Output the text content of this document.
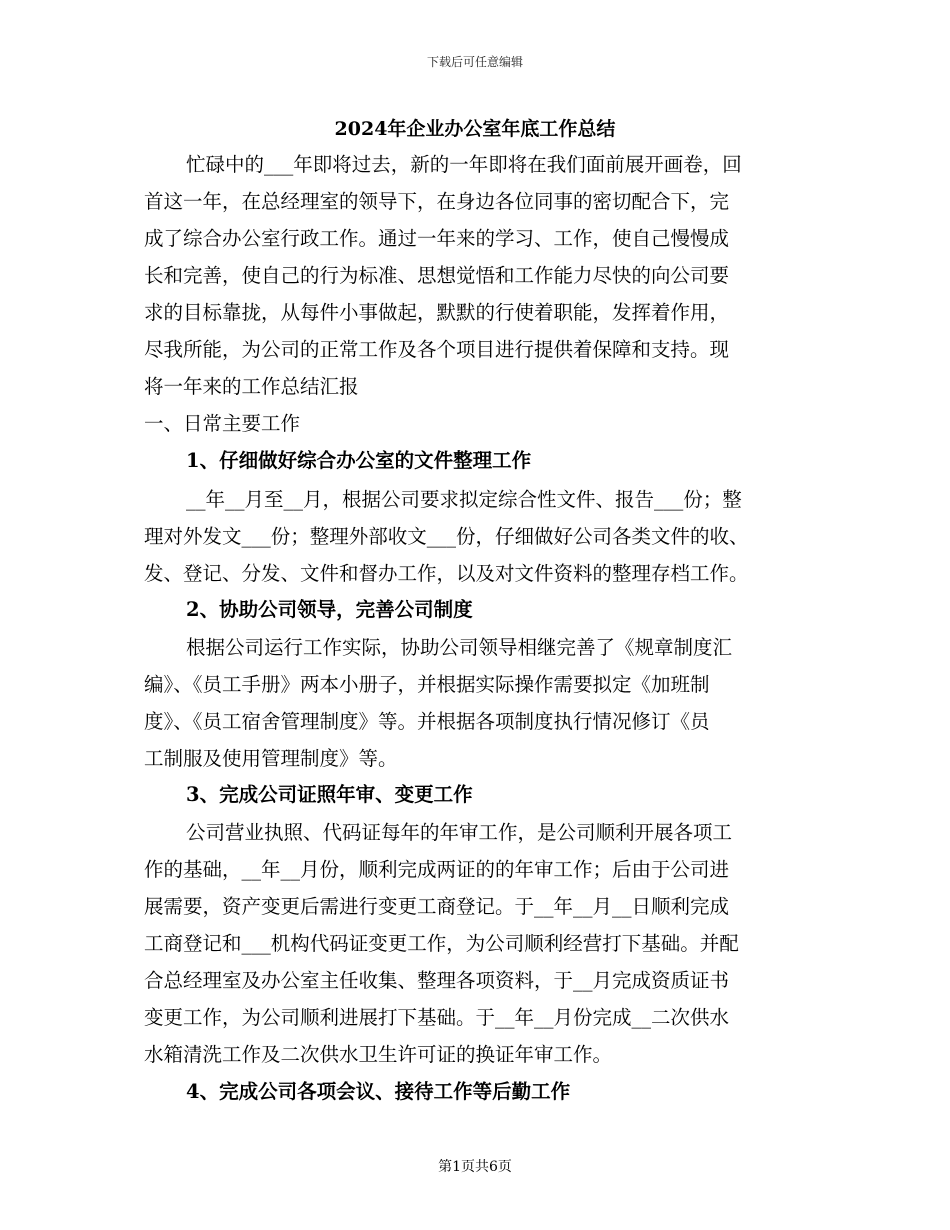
下载后可任意编辑
2024年企业办公室年底工作总结
忙碌中的___年即将过去，新的一年即将在我们面前展开画卷，回
首这一年，在总经理室的领导下，在身边各位同事的密切配合下，完
成了综合办公室行政工作。通过一年来的学习、工作，使自己慢慢成
长和完善，使自己的行为标准、思想觉悟和工作能力尽快的向公司要
求的目标靠拢，从每件小事做起，默默的行使着职能，发挥着作用，
尽我所能，为公司的正常工作及各个项目进行提供着保障和支持。现
将一年来的工作总结汇报
一、日常主要工作
1、仔细做好综合办公室的文件整理工作
__年__月至__月，根据公司要求拟定综合性文件、报告___份；整
理对外发文___份；整理外部收文___份，仔细做好公司各类文件的收、
发、登记、分发、文件和督办工作，以及对文件资料的整理存档工作。
2、协助公司领导，完善公司制度
根据公司运行工作实际，协助公司领导相继完善了《规章制度汇
编》、《员工手册》两本小册子，并根据实际操作需要拟定《加班制
度》、《员工宿舍管理制度》等。并根据各项制度执行情况修订《员
工制服及使用管理制度》等。
3、完成公司证照年审、变更工作
公司营业执照、代码证每年的年审工作，是公司顺利开展各项工
作的基础，__年__月份，顺利完成两证的的年审工作；后由于公司进
展需要，资产变更后需进行变更工商登记。于__年__月__日顺利完成
工商登记和___机构代码证变更工作，为公司顺利经营打下基础。并配
合总经理室及办公室主任收集、整理各项资料，于__月完成资质证书
变更工作，为公司顺利进展打下基础。于__年__月份完成__二次供水
水箱清洗工作及二次供水卫生许可证的换证年审工作。
4、完成公司各项会议、接待工作等后勤工作
第1页共6页
